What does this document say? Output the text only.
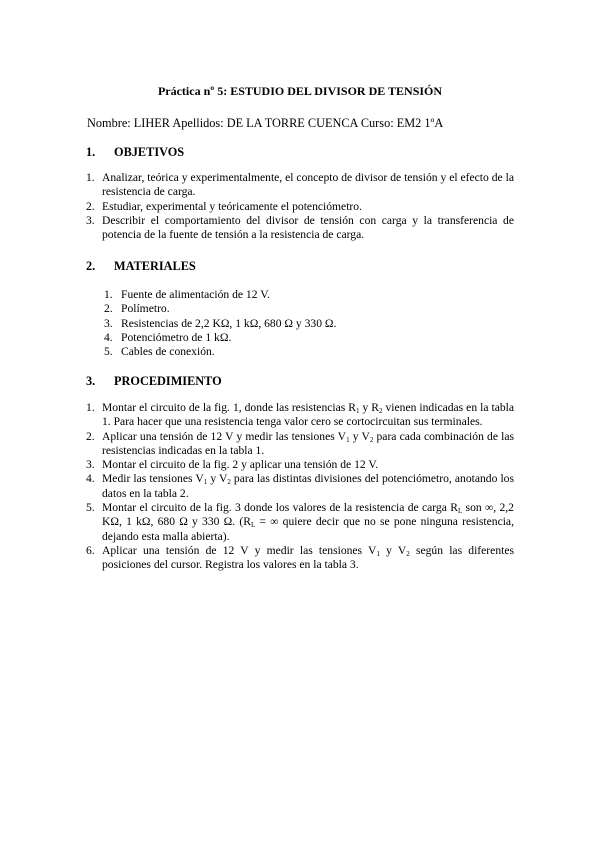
Práctica nº 5: ESTUDIO DEL DIVISOR DE TENSIÓN
Nombre: LIHER Apellidos: DE LA TORRE CUENCA Curso: EM2 1ºA
1. OBJETIVOS
1. Analizar, teórica y experimentalmente, el concepto de divisor de tensión y el efecto de la resistencia de carga.
2. Estudiar, experimental y teóricamente el potenciómetro.
3. Describir el comportamiento del divisor de tensión con carga y la transferencia de potencia de la fuente de tensión a la resistencia de carga.
2. MATERIALES
1. Fuente de alimentación de 12 V.
2. Polímetro.
3. Resistencias de 2,2 KΩ, 1 kΩ, 680 Ω y 330 Ω.
4. Potenciómetro de 1 kΩ.
5. Cables de conexión.
3. PROCEDIMIENTO
1. Montar el circuito de la fig. 1, donde las resistencias $R_1$ y $R_2$ vienen indicadas en la tabla 1. Para hacer que una resistencia tenga valor cero se cortocircuitan sus terminales.
2. Aplicar una tensión de 12 V y medir las tensiones $V_1$ y $V_2$ para cada combinación de las resistencias indicadas en la tabla 1.
3. Montar el circuito de la fig. 2 y aplicar una tensión de 12 V.
4. Medir las tensiones $V_1$ y $V_2$ para las distintas divisiones del potenciómetro, anotando los datos en la tabla 2.
5. Montar el circuito de la fig. 3 donde los valores de la resistencia de carga $R_L$ son ∞, 2,2 KΩ, 1 kΩ, 680 Ω y 330 Ω. ($R_L$ = ∞ quiere decir que no se pone ninguna resistencia, dejando esta malla abierta).
6. Aplicar una tensión de 12 V y medir las tensiones $V_1$ y $V_2$ según las diferentes posiciones del cursor. Registra los valores en la tabla 3.
